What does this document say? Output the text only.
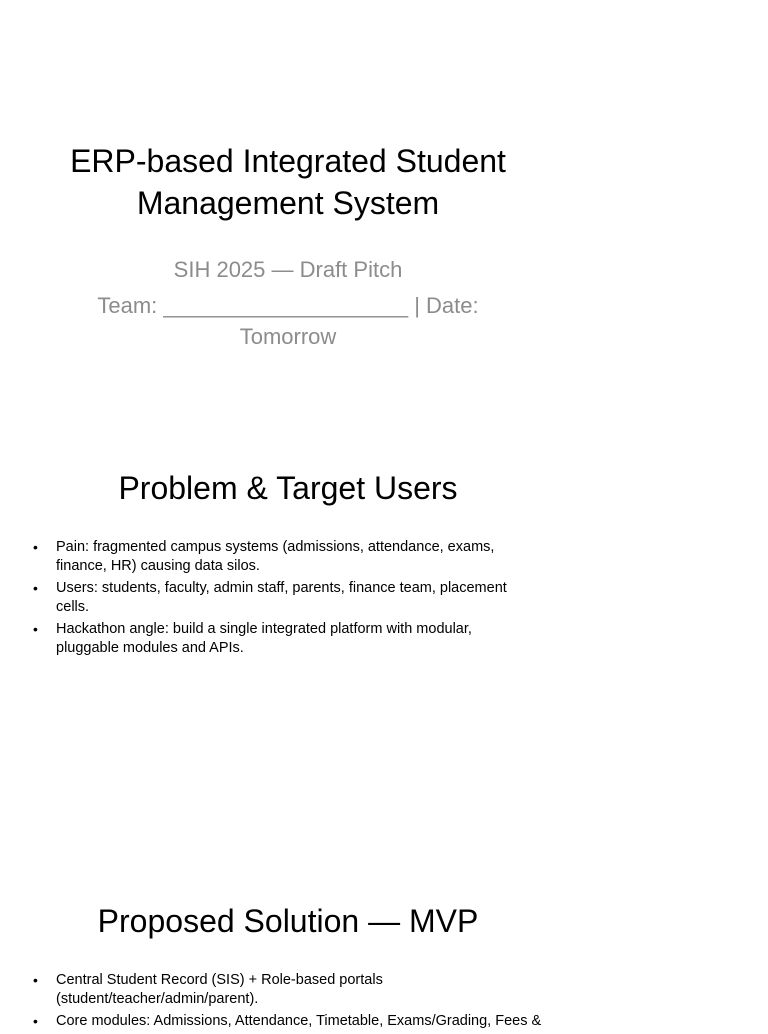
ERP-based Integrated Student
Management System
SIH 2025 — Draft Pitch
Team: ____________________ | Date:
Tomorrow
Problem & Target Users
• Pain: fragmented campus systems (admissions, attendance, exams,
finance, HR) causing data silos.
• Users: students, faculty, admin staff, parents, finance team, placement
cells.
• Hackathon angle: build a single integrated platform with modular,
pluggable modules and APIs.
Proposed Solution — MVP
• Central Student Record (SIS) + Role-based portals
(student/teacher/admin/parent).
• Core modules: Admissions, Attendance, Timetable, Exams/Grading, Fees &
